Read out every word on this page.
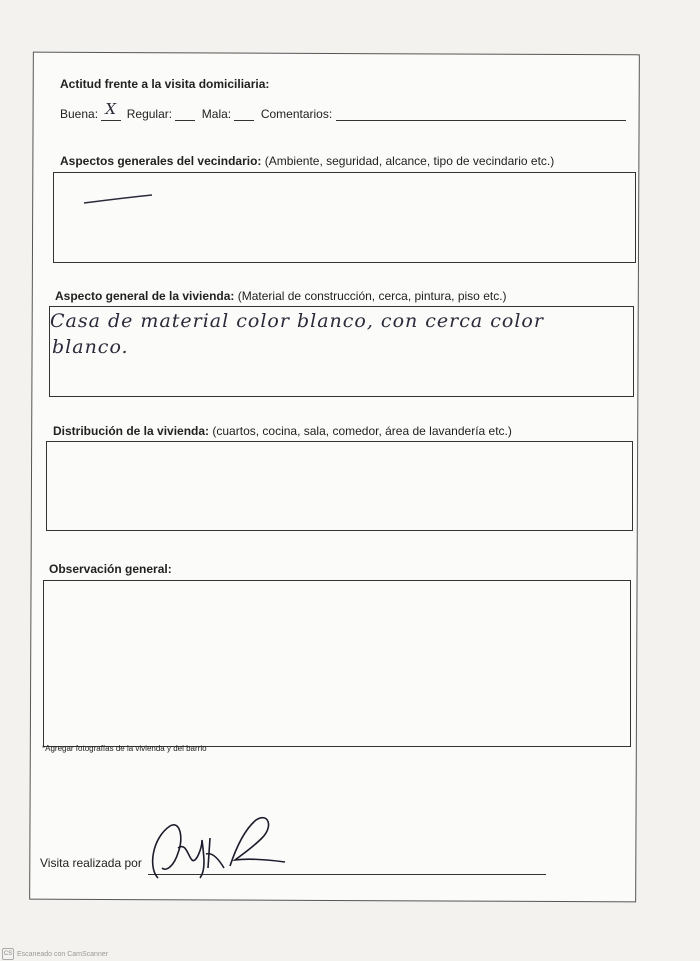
Actitud frente a la visita domiciliaria:
Buena: X Regular: Mala: Comentarios:
Aspectos generales del vecindario: (Ambiente, seguridad, alcance, tipo de vecindario etc.)
Aspecto general de la vivienda: (Material de construcción, cerca, pintura, piso etc.)
Casa de material color blanco, con cerca color
blanco.
Distribución de la vivienda: (cuartos, cocina, sala, comedor, área de lavandería etc.)
Observación general:
*Agregar fotografías de la vivienda y del barrio
Visita realizada por
CS Escaneado con CamScanner
